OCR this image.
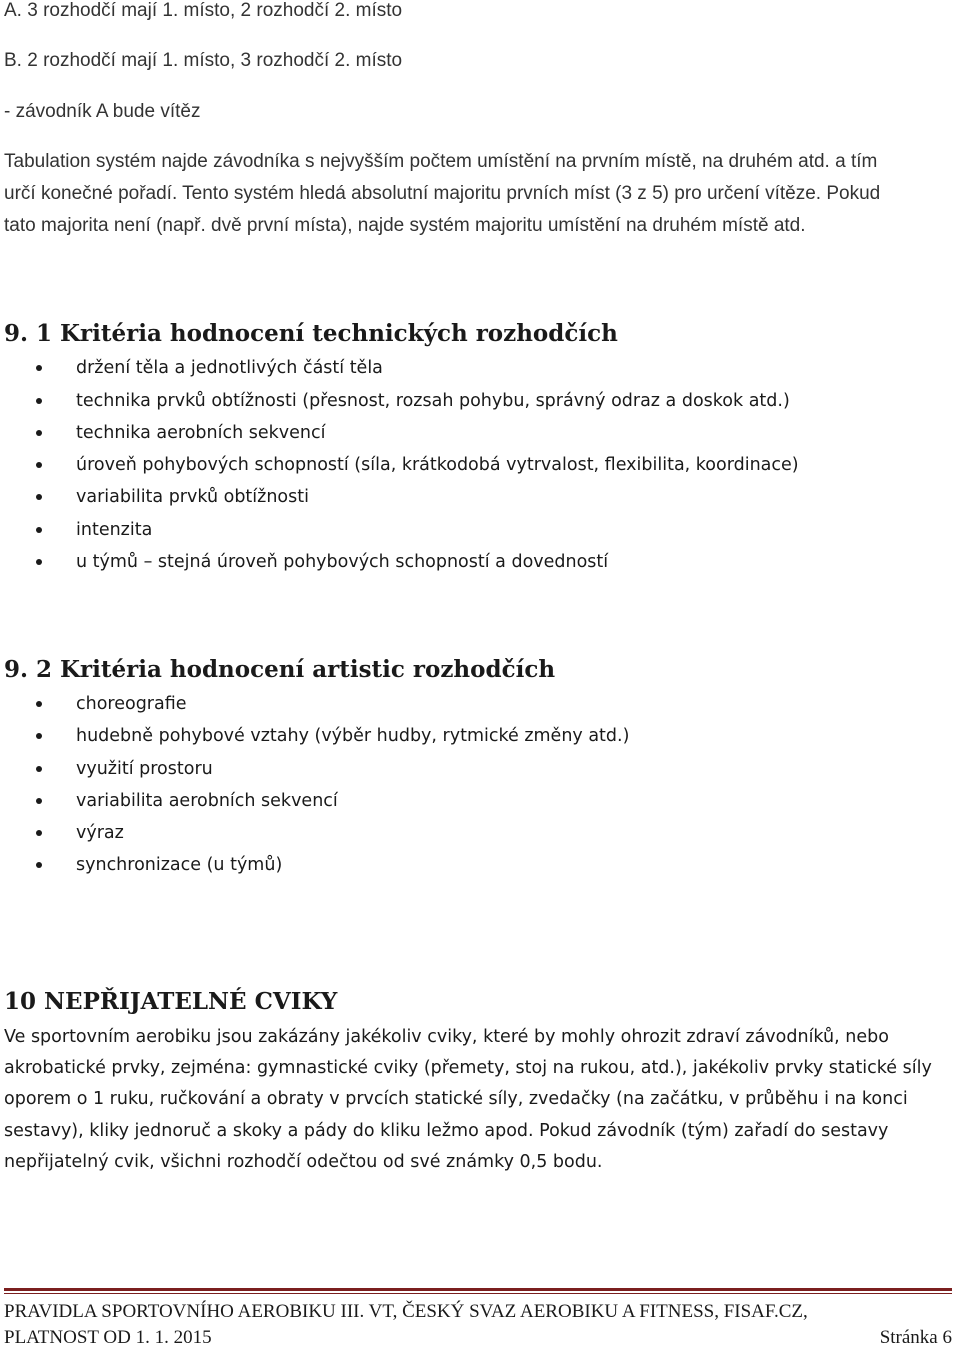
A. 3 rozhodčí mají 1. místo, 2 rozhodčí 2. místo
B. 2 rozhodčí mají 1. místo, 3 rozhodčí 2. místo
- závodník A bude vítěz
Tabulation systém najde závodníka s nejvyšším počtem umístění na prvním místě, na druhém atd. a tím
určí konečné pořadí. Tento systém hledá absolutní majoritu prvních míst (3 z 5) pro určení vítěze. Pokud
tato majorita není (např. dvě první místa), najde systém majoritu umístění na druhém místě atd.
9. 1 Kritéria hodnocení technických rozhodčích
držení těla a jednotlivých částí těla
technika prvků obtížnosti (přesnost, rozsah pohybu, správný odraz a doskok atd.)
technika aerobních sekvencí
úroveň pohybových schopností (síla, krátkodobá vytrvalost, flexibilita, koordinace)
variabilita prvků obtížnosti
intenzita
u týmů – stejná úroveň pohybových schopností a dovedností
9. 2 Kritéria hodnocení artistic rozhodčích
choreografie
hudebně pohybové vztahy (výběr hudby, rytmické změny atd.)
využití prostoru
variabilita aerobních sekvencí
výraz
synchronizace (u týmů)
10 NEPŘIJATELNÉ CVIKY
Ve sportovním aerobiku jsou zakázány jakékoliv cviky, které by mohly ohrozit zdraví závodníků, nebo
akrobatické prvky, zejména: gymnastické cviky (přemety, stoj na rukou, atd.), jakékoliv prvky statické síly
oporem o 1 ruku, ručkování a obraty v prvcích statické síly, zvedačky (na začátku, v průběhu i na konci
sestavy), kliky jednoruč a skoky a pády do kliku ležmo apod. Pokud závodník (tým) zařadí do sestavy
nepřijatelný cvik, všichni rozhodčí odečtou od své známky 0,5 bodu.
PRAVIDLA SPORTOVNÍHO AEROBIKU III. VT, ČESKÝ SVAZ AEROBIKU A FITNESS, FISAF.CZ,
PLATNOST OD 1. 1. 2015	Stránka 6
